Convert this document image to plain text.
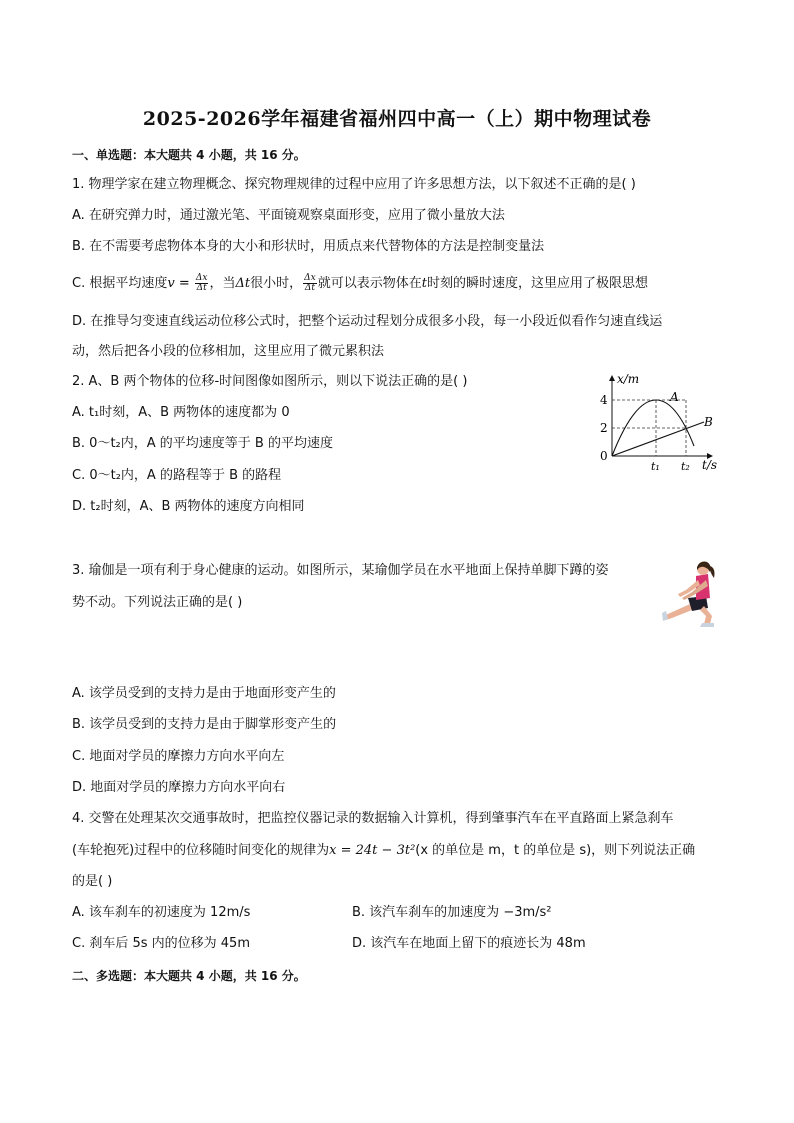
2025-2026学年福建省福州四中高一（上）期中物理试卷
一、单选题：本大题共 4 小题，共 16 分。
1. 物理学家在建立物理概念、探究物理规律的过程中应用了许多思想方法，以下叙述不正确的是( )
A. 在研究弹力时，通过激光笔、平面镜观察桌面形变，应用了微小量放大法
B. 在不需要考虑物体本身的大小和形状时，用质点来代替物体的方法是控制变量法
C. 根据平均速度$v = \frac{\Delta x}{\Delta t}$ ，当Δt很小时， $\frac{\Delta x}{\Delta t}$ 就可以表示物体在t时刻的瞬时速度，这里应用了极限思想
D. 在推导匀变速直线运动位移公式时，把整个运动过程划分成很多小段，每一小段近似看作匀速直线运
动，然后把各小段的位移相加，这里应用了微元累积法
2. A、B 两个物体的位移-时间图像如图所示，则以下说法正确的是( )
A. t₁时刻，A、B 两物体的速度都为 0
B. 0～t₂内，A 的平均速度等于 B 的平均速度
C. 0～t₂内，A 的路程等于 B 的路程
D. t₂时刻，A、B 两物体的速度方向相同
x/m
t/s
4
2
0
t₁ t₂
A
B
3. 瑜伽是一项有利于身心健康的运动。如图所示，某瑜伽学员在水平地面上保持单脚下蹲的姿
势不动。下列说法正确的是( )
A. 该学员受到的支持力是由于地面形变产生的
B. 该学员受到的支持力是由于脚掌形变产生的
C. 地面对学员的摩擦力方向水平向左
D. 地面对学员的摩擦力方向水平向右
4. 交警在处理某次交通事故时，把监控仪器记录的数据输入计算机，得到肇事汽车在平直路面上紧急刹车
(车轮抱死)过程中的位移随时间变化的规律为x = 24t − 3t²(x 的单位是 m，t 的单位是 s)，则下列说法正确
的是( )
A. 该车刹车的初速度为 12m/s	B. 该汽车刹车的加速度为 −3m/s²
C. 刹车后 5s 内的位移为 45m	D. 该汽车在地面上留下的痕迹长为 48m
二、多选题：本大题共 4 小题，共 16 分。
